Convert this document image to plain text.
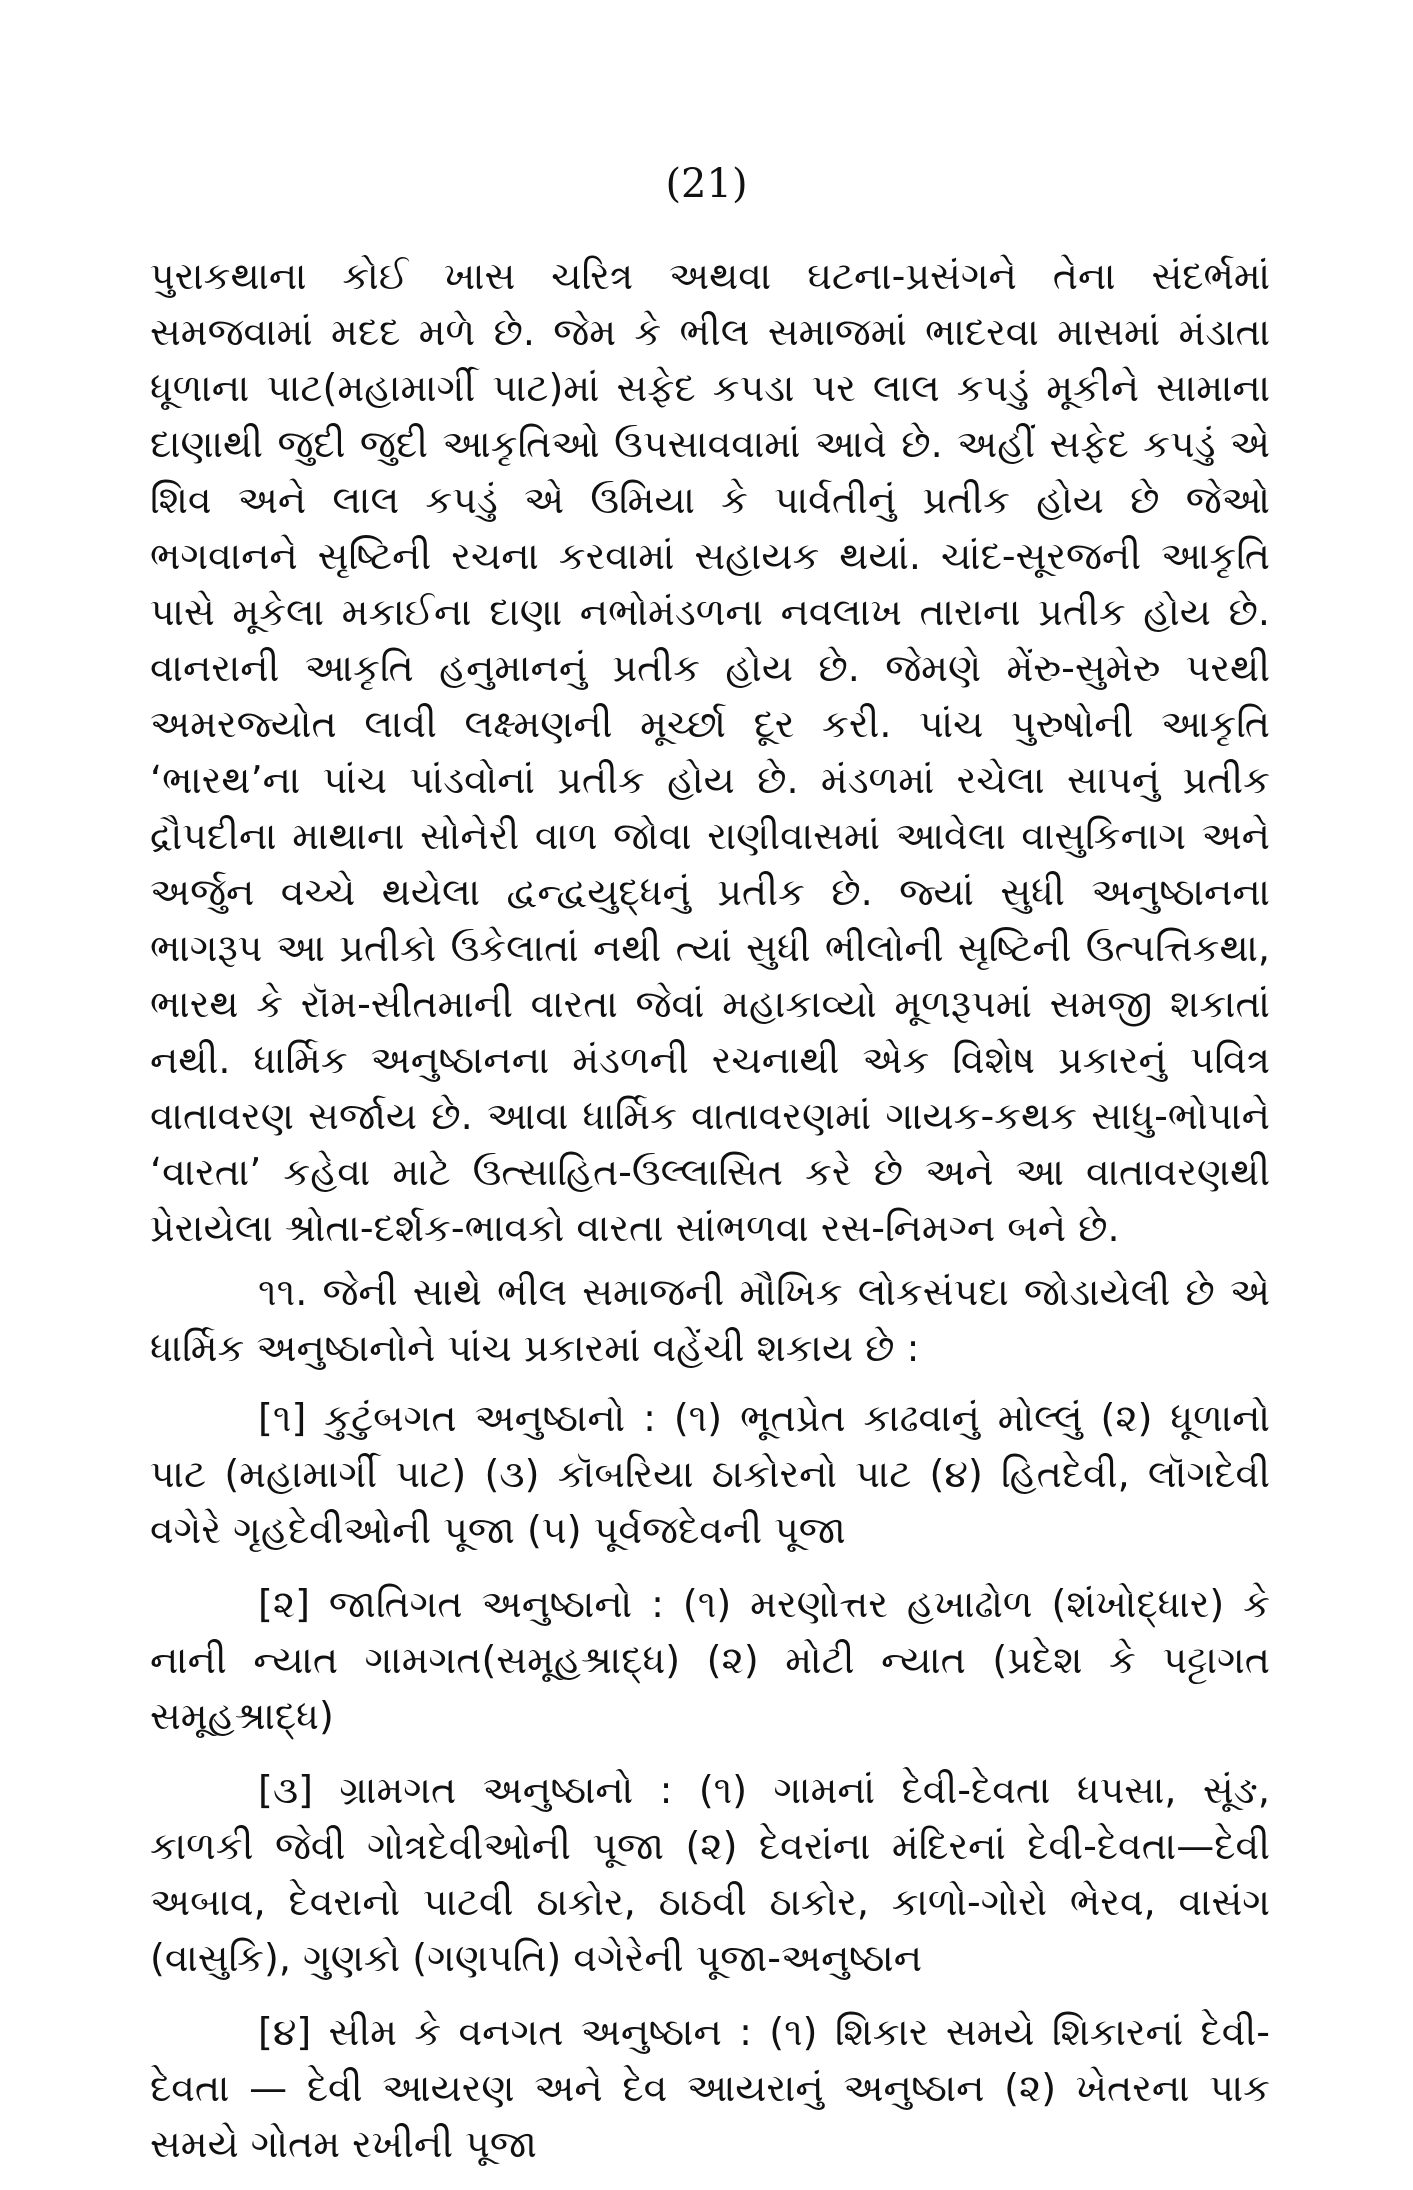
(21)

પુરાકથાના કોઈ ખાસ ચરિત્ર અથવા ઘટના-પ્રસંગને તેના સંદર્ભમાં સમજવામાં મદદ મળે છે. જેમ કે ભીલ સમાજમાં ભાદરવા માસમાં મંડાતા ધૂળાના પાટ(મહામાર્ગી પાટ)માં સફેદ કપડા પર લાલ કપડું મૂકીને સામાના દાણાથી જુદી જુદી આકૃતિઓ ઉપસાવવામાં આવે છે. અહીં સફેદ કપડું એ શિવ અને લાલ કપડું એ ઉમિયા કે પાર્વતીનું પ્રતીક હોય છે જેઓ ભગવાનને સૃષ્ટિની રચના કરવામાં સહાયક થયાં. ચાંદ-સૂરજની આકૃતિ પાસે મૂકેલા મકાઈના દાણા નભોમંડળના નવલાખ તારાના પ્રતીક હોય છે. વાનરાની આકૃતિ હનુમાનનું પ્રતીક હોય છે. જેમણે મેંરુ-સુમેરુ પરથી અમરજ્યોત લાવી લક્ષ્મણની મૂર્ચ્છા દૂર કરી. પાંચ પુરુષોની આકૃતિ ‘ભારથ’ના પાંચ પાંડવોનાં પ્રતીક હોય છે. મંડળમાં રચેલા સાપનું પ્રતીક દ્રૌપદીના માથાના સોનેરી વાળ જોવા રાણીવાસમાં આવેલા વાસુકિનાગ અને અર્જુન વચ્ચે થયેલા દ્વન્દ્વયુદ્ધનું પ્રતીક છે. જ્યાં સુધી અનુષ્ઠાનના ભાગરૂપ આ પ્રતીકો ઉકેલાતાં નથી ત્યાં સુધી ભીલોની સૃષ્ટિની ઉત્પત્તિકથા, ભારથ કે રૉમ-સીતમાની વારતા જેવાં મહાકાવ્યો મૂળરૂપમાં સમજી શકાતાં નથી. ધાર્મિક અનુષ્ઠાનના મંડળની રચનાથી એક વિશેષ પ્રકારનું પવિત્ર વાતાવરણ સર્જાય છે. આવા ધાર્મિક વાતાવરણમાં ગાયક-કથક સાધુ-ભોપાને ‘વારતા’ કહેવા માટે ઉત્સાહિત-ઉલ્લાસિત કરે છે અને આ વાતાવરણથી પ્રેરાયેલા શ્રોતા-દર્શક-ભાવકો વારતા સાંભળવા રસ-નિમગ્ન બને છે.

૧૧. જેની સાથે ભીલ સમાજની મૌખિક લોકસંપદા જોડાયેલી છે એ ધાર્મિક અનુષ્ઠાનોને પાંચ પ્રકારમાં વહેંચી શકાય છે :

[૧] કુટુંબગત અનુષ્ઠાનો : (૧) ભૂતપ્રેત કાઢવાનું મોલ્લું (૨) ધૂળાનો પાટ (મહામાર્ગી પાટ) (૩) કૉબરિયા ઠાકોરનો પાટ (૪) હિતદેવી, લૉગદેવી વગેરે ગૃહદેવીઓની પૂજા (૫) પૂર્વજદેવની પૂજા

[૨] જાતિગત અનુષ્ઠાનો : (૧) મરણોત્તર હખાઢોળ (શંખોદ્ધાર) કે નાની ન્યાત ગામગત(સમૂહશ્રાદ્ધ) (૨) મોટી ન્યાત (પ્રદેશ કે પટ્ટાગત સમૂહશ્રાદ્ધ)

[૩] ગ્રામગત અનુષ્ઠાનો : (૧) ગામનાં દેવી-દેવતા ધપસા, સૂંઙ, કાળકી જેવી ગોત્રદેવીઓની પૂજા (૨) દેવરાંના મંદિરનાં દેવી-દેવતા—દેવી અબાવ, દેવરાનો પાટવી ઠાકોર, ઠાઠવી ઠાકોર, કાળો-ગોરો ભેરવ, વાસંગ (વાસુકિ), ગુણકો (ગણપતિ) વગેરેની પૂજા-અનુષ્ઠાન

[૪] સીમ કે વનગત અનુષ્ઠાન : (૧) શિકાર સમયે શિકારનાં દેવી-દેવતા — દેવી આયરણ અને દેવ આયરાનું અનુષ્ઠાન (૨) ખેતરના પાક સમયે ગોતમ રખીની પૂજા
